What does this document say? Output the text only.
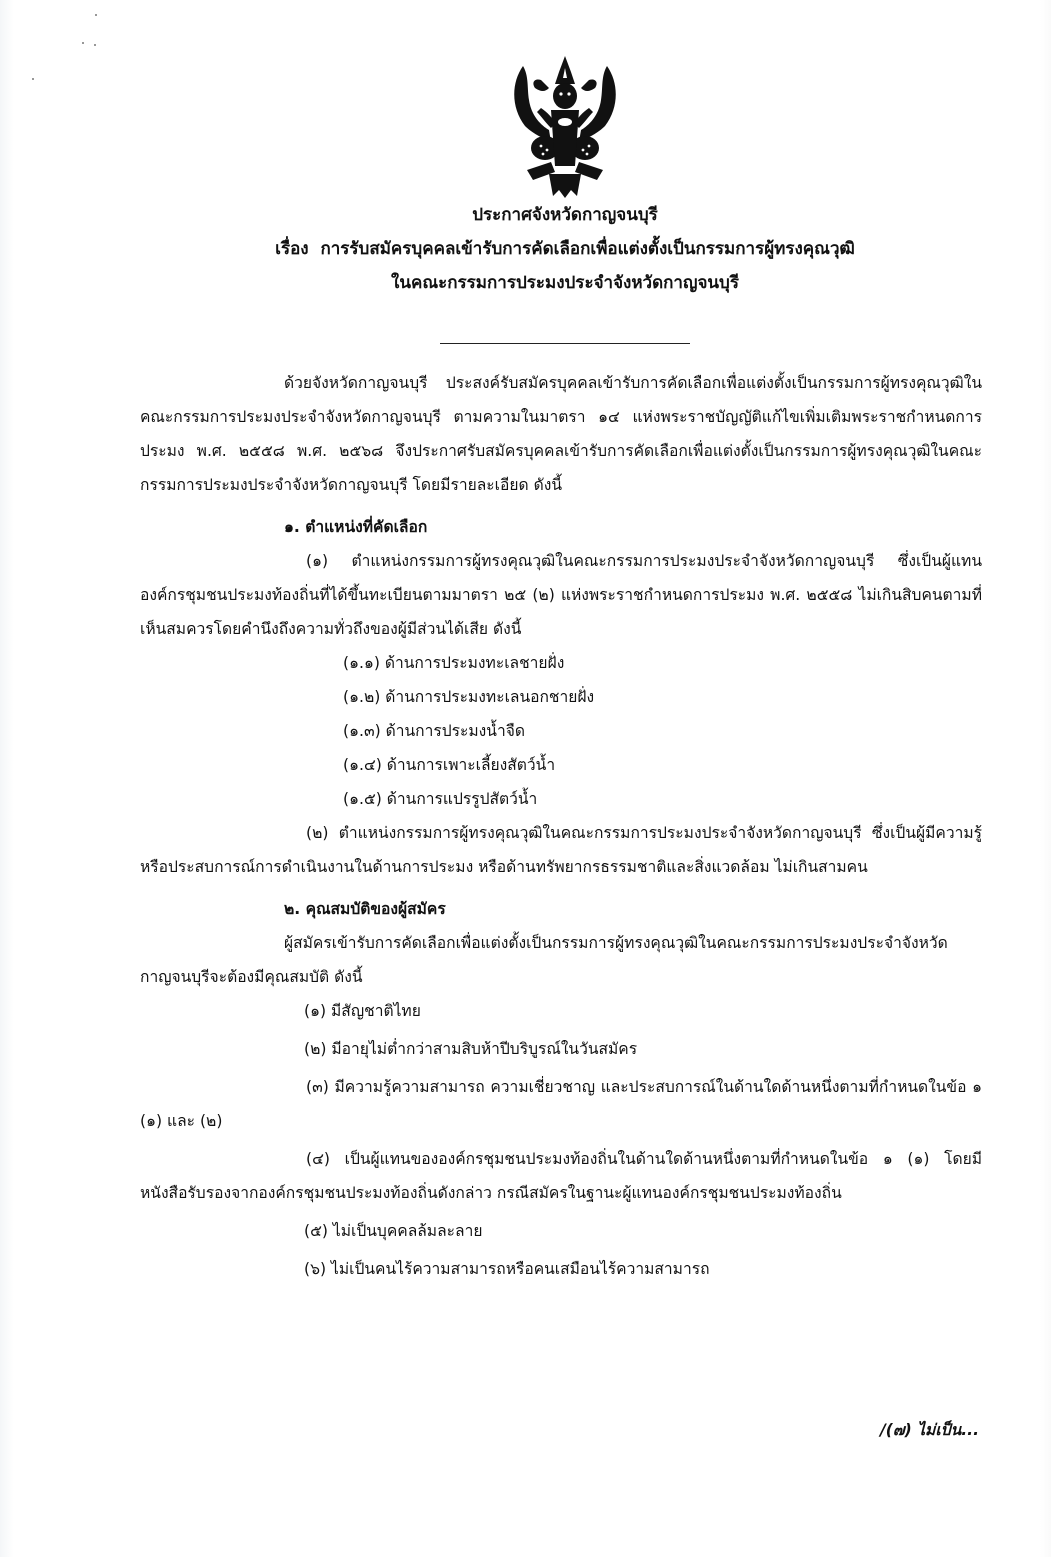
ประกาศจังหวัดกาญจนบุรี
เรื่อง การรับสมัครบุคคลเข้ารับการคัดเลือกเพื่อแต่งตั้งเป็นกรรมการผู้ทรงคุณวุฒิ
ในคณะกรรมการประมงประจำจังหวัดกาญจนบุรี

ด้วยจังหวัดกาญจนบุรี ประสงค์รับสมัครบุคคลเข้ารับการคัดเลือกเพื่อแต่งตั้งเป็นกรรมการผู้ทรงคุณวุฒิในคณะกรรมการประมงประจำจังหวัดกาญจนบุรี ตามความในมาตรา ๑๔ แห่งพระราชบัญญัติแก้ไขเพิ่มเติมพระราชกำหนดการประมง พ.ศ. ๒๕๕๘ พ.ศ. ๒๕๖๘ จึงประกาศรับสมัครบุคคลเข้ารับการคัดเลือกเพื่อแต่งตั้งเป็นกรรมการผู้ทรงคุณวุฒิในคณะกรรมการประมงประจำจังหวัดกาญจนบุรี โดยมีรายละเอียด ดังนี้

๑. ตำแหน่งที่คัดเลือก

(๑) ตำแหน่งกรรมการผู้ทรงคุณวุฒิในคณะกรรมการประมงประจำจังหวัดกาญจนบุรี ซึ่งเป็นผู้แทนองค์กรชุมชนประมงท้องถิ่นที่ได้ขึ้นทะเบียนตามมาตรา ๒๕ (๒) แห่งพระราชกำหนดการประมง พ.ศ. ๒๕๕๘ ไม่เกินสิบคนตามที่เห็นสมควรโดยคำนึงถึงความทั่วถึงของผู้มีส่วนได้เสีย ดังนี้

(๑.๑) ด้านการประมงทะเลชายฝั่ง
(๑.๒) ด้านการประมงทะเลนอกชายฝั่ง
(๑.๓) ด้านการประมงน้ำจืด
(๑.๔) ด้านการเพาะเลี้ยงสัตว์น้ำ
(๑.๕) ด้านการแปรรูปสัตว์น้ำ

(๒) ตำแหน่งกรรมการผู้ทรงคุณวุฒิในคณะกรรมการประมงประจำจังหวัดกาญจนบุรี ซึ่งเป็นผู้มีความรู้หรือประสบการณ์การดำเนินงานในด้านการประมง หรือด้านทรัพยากรธรรมชาติและสิ่งแวดล้อม ไม่เกินสามคน

๒. คุณสมบัติของผู้สมัคร

ผู้สมัครเข้ารับการคัดเลือกเพื่อแต่งตั้งเป็นกรรมการผู้ทรงคุณวุฒิในคณะกรรมการประมงประจำจังหวัดกาญจนบุรีจะต้องมีคุณสมบัติ ดังนี้

(๑) มีสัญชาติไทย
(๒) มีอายุไม่ต่ำกว่าสามสิบห้าปีบริบูรณ์ในวันสมัคร

(๓) มีความรู้ความสามารถ ความเชี่ยวชาญ และประสบการณ์ในด้านใดด้านหนึ่งตามที่กำหนดในข้อ ๑ (๑) และ (๒)

(๔) เป็นผู้แทนขององค์กรชุมชนประมงท้องถิ่นในด้านใดด้านหนึ่งตามที่กำหนดในข้อ ๑ (๑) โดยมีหนังสือรับรองจากองค์กรชุมชนประมงท้องถิ่นดังกล่าว กรณีสมัครในฐานะผู้แทนองค์กรชุมชนประมงท้องถิ่น

(๕) ไม่เป็นบุคคลล้มละลาย
(๖) ไม่เป็นคนไร้ความสามารถหรือคนเสมือนไร้ความสามารถ
/(๗) ไม่เป็น...
